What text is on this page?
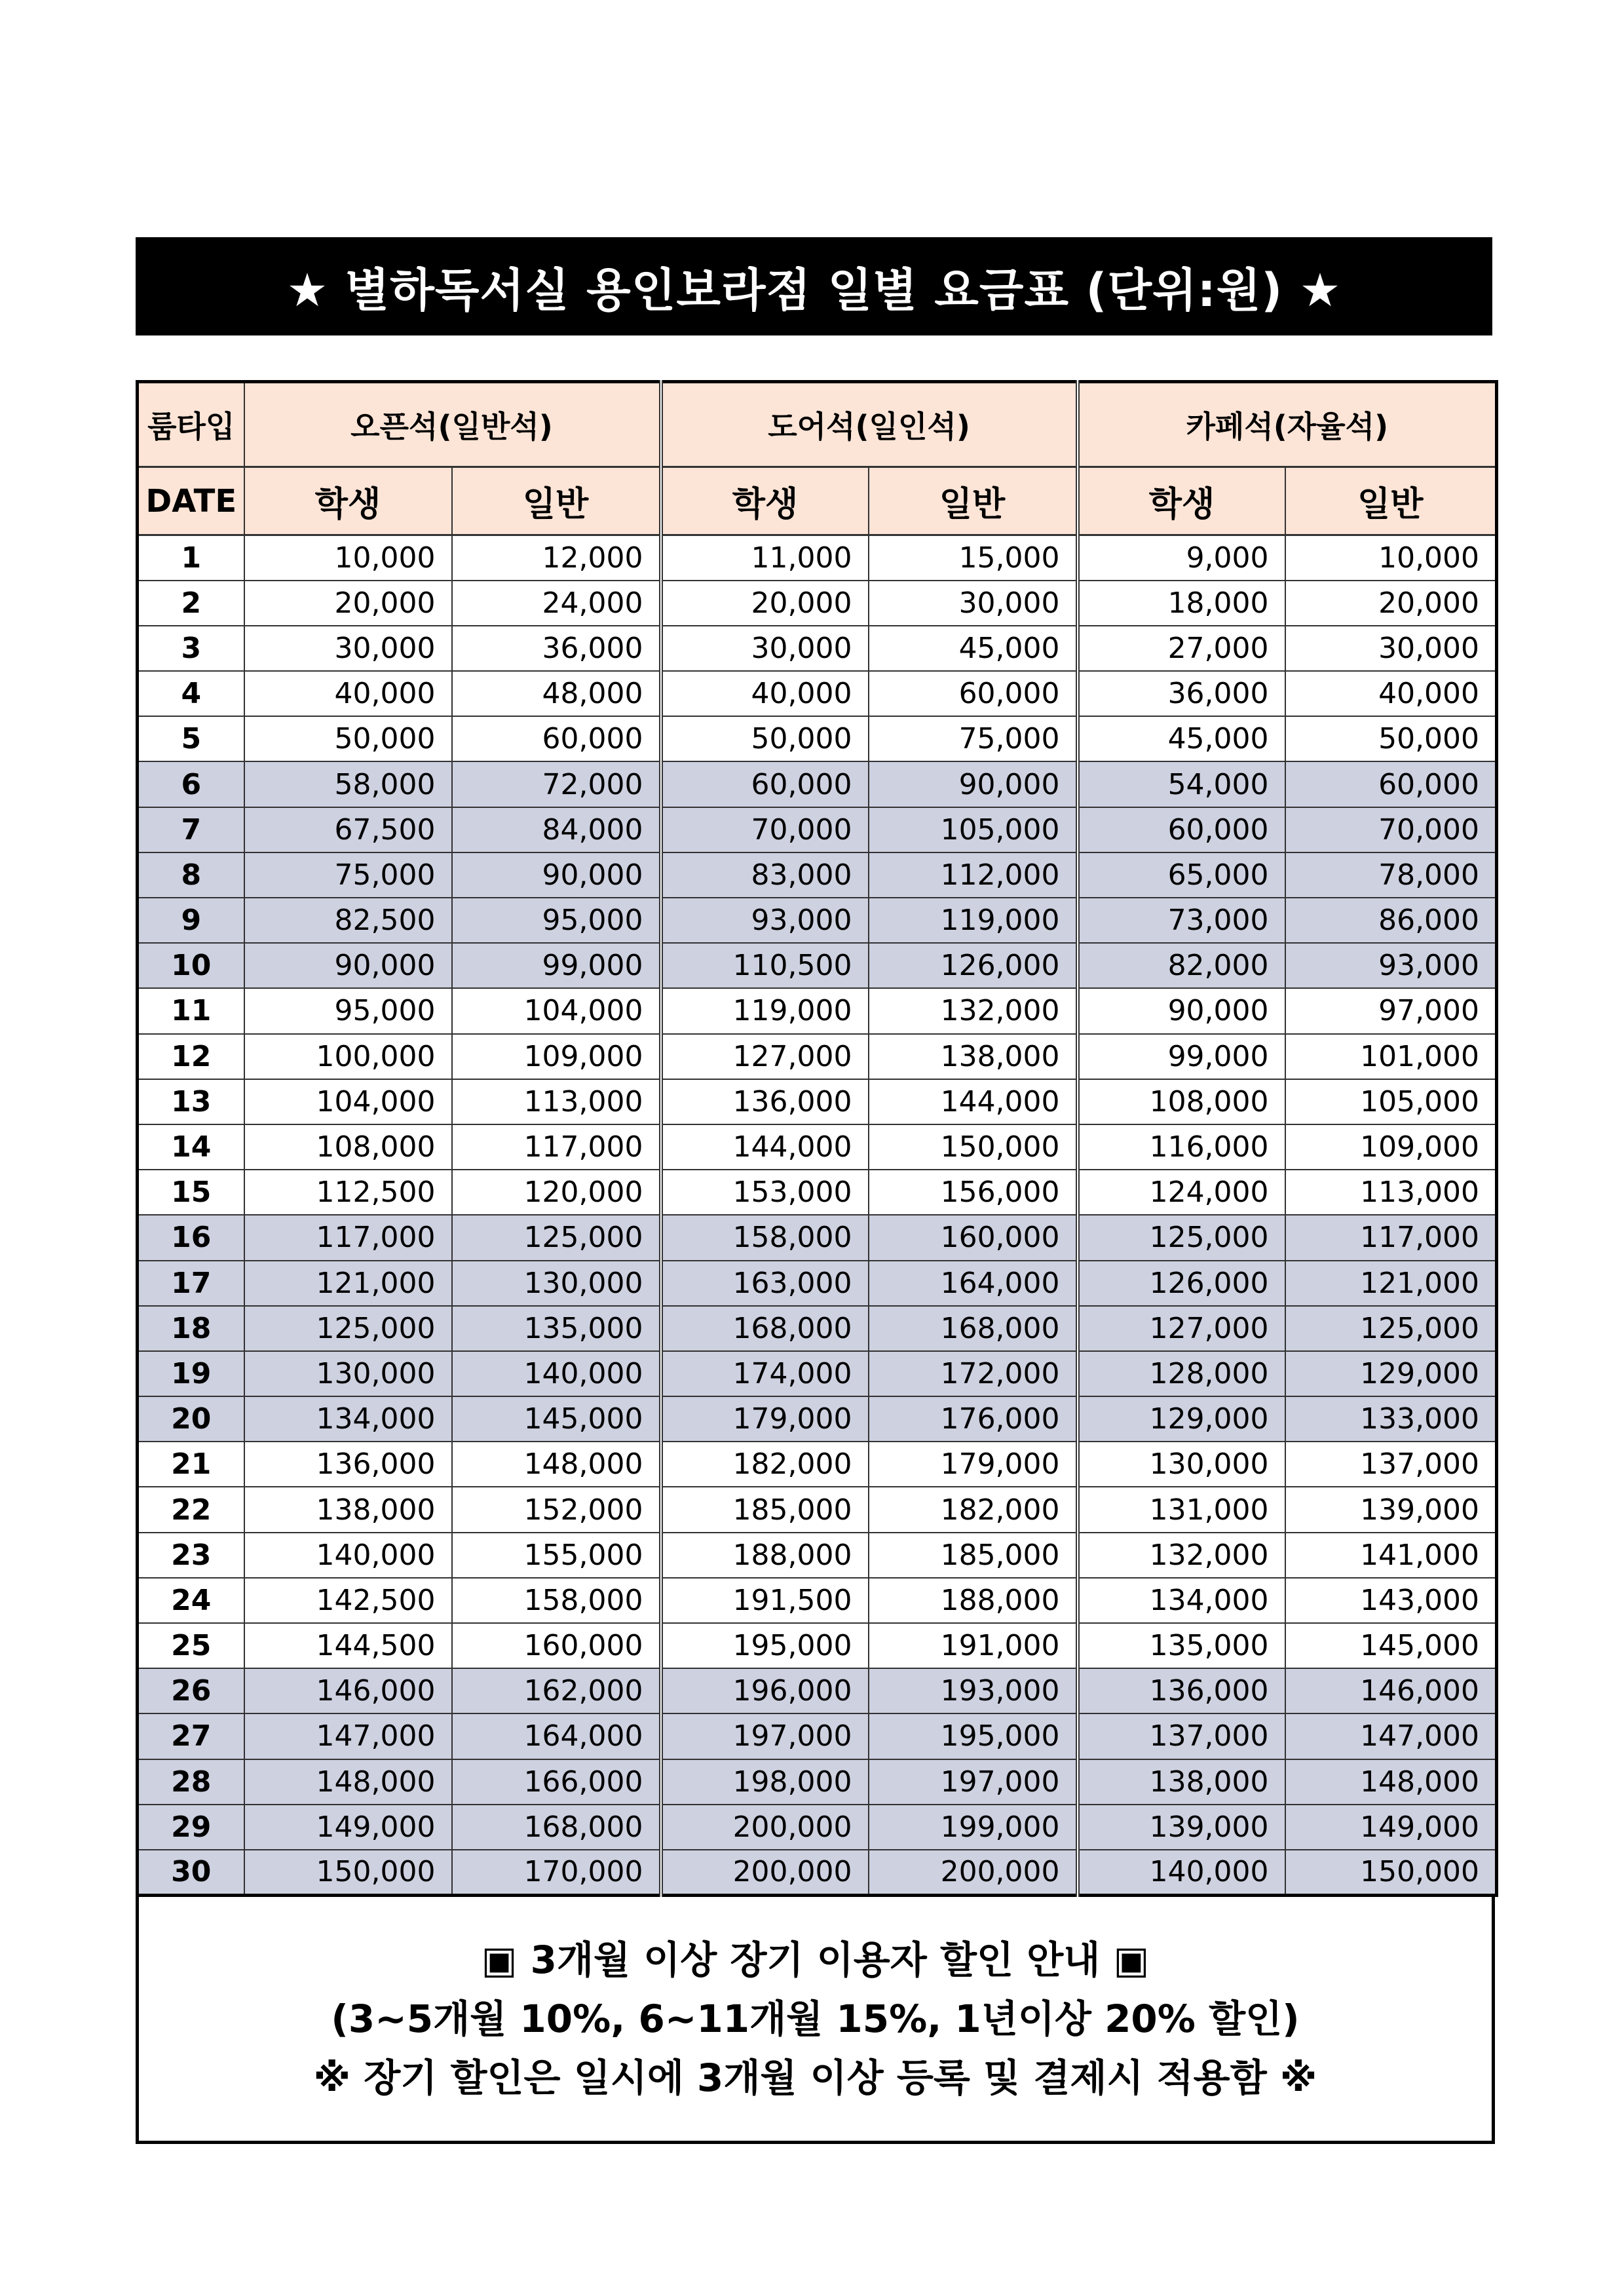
★ 별하독서실 용인보라점 일별 요금표 (단위:원) ★
룸타입	오픈석(일반석)		도어석(일인석)		카페석(자율석)	
DATE	학생	일반	학생	일반	학생	일반
1	10,000	12,000	11,000	15,000	9,000	10,000
2	20,000	24,000	20,000	30,000	18,000	20,000
3	30,000	36,000	30,000	45,000	27,000	30,000
4	40,000	48,000	40,000	60,000	36,000	40,000
5	50,000	60,000	50,000	75,000	45,000	50,000
6	58,000	72,000	60,000	90,000	54,000	60,000
7	67,500	84,000	70,000	105,000	60,000	70,000
8	75,000	90,000	83,000	112,000	65,000	78,000
9	82,500	95,000	93,000	119,000	73,000	86,000
10	90,000	99,000	110,500	126,000	82,000	93,000
11	95,000	104,000	119,000	132,000	90,000	97,000
12	100,000	109,000	127,000	138,000	99,000	101,000
13	104,000	113,000	136,000	144,000	108,000	105,000
14	108,000	117,000	144,000	150,000	116,000	109,000
15	112,500	120,000	153,000	156,000	124,000	113,000
16	117,000	125,000	158,000	160,000	125,000	117,000
17	121,000	130,000	163,000	164,000	126,000	121,000
18	125,000	135,000	168,000	168,000	127,000	125,000
19	130,000	140,000	174,000	172,000	128,000	129,000
20	134,000	145,000	179,000	176,000	129,000	133,000
21	136,000	148,000	182,000	179,000	130,000	137,000
22	138,000	152,000	185,000	182,000	131,000	139,000
23	140,000	155,000	188,000	185,000	132,000	141,000
24	142,500	158,000	191,500	188,000	134,000	143,000
25	144,500	160,000	195,000	191,000	135,000	145,000
26	146,000	162,000	196,000	193,000	136,000	146,000
27	147,000	164,000	197,000	195,000	137,000	147,000
28	148,000	166,000	198,000	197,000	138,000	148,000
29	149,000	168,000	200,000	199,000	139,000	149,000
30	150,000	170,000	200,000	200,000	140,000	150,000
▣ 3개월 이상 장기 이용자 할인 안내 ▣
(3~5개월 10%, 6~11개월 15%, 1년이상 20% 할인)
※ 장기 할인은 일시에 3개월 이상 등록 및 결제시 적용함 ※
